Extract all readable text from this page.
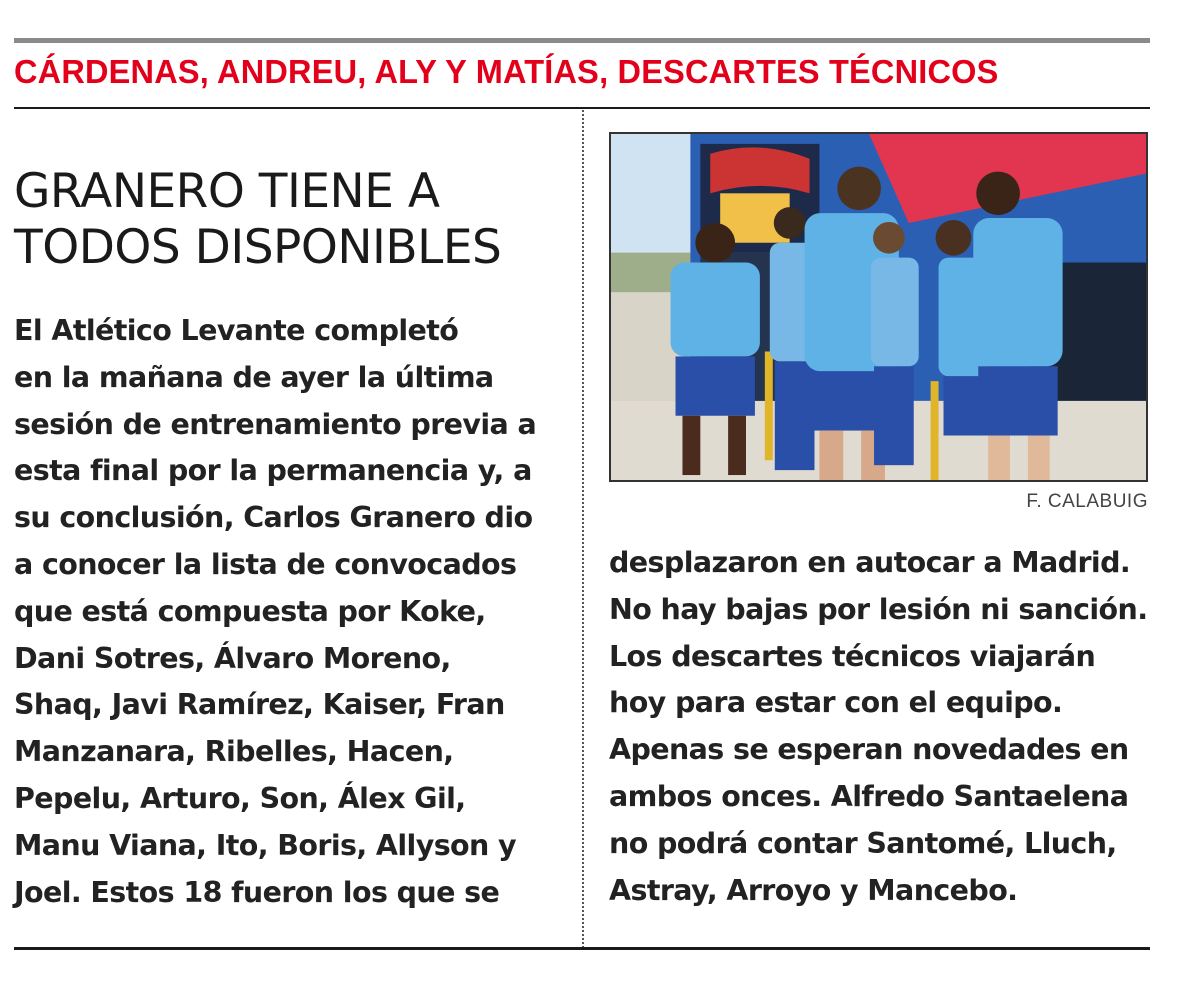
CÁRDENAS, ANDREU, ALY Y MATÍAS, DESCARTES TÉCNICOS
GRANERO TIENE A
TODOS DISPONIBLES
El Atlético Levante completó
en la mañana de ayer la última
sesión de entrenamiento previa a
esta final por la permanencia y, a
su conclusión, Carlos Granero dio
a conocer la lista de convocados
que está compuesta por Koke,
Dani Sotres, Álvaro Moreno,
Shaq, Javi Ramírez, Kaiser, Fran
Manzanara, Ribelles, Hacen,
Pepelu, Arturo, Son, Álex Gil,
Manu Viana, Ito, Boris, Allyson y
Joel. Estos 18 fueron los que se
F. CALABUIG
desplazaron en autocar a Madrid.
No hay bajas por lesión ni sanción.
Los descartes técnicos viajarán
hoy para estar con el equipo.
Apenas se esperan novedades en
ambos onces. Alfredo Santaelena
no podrá contar Santomé, Lluch,
Astray, Arroyo y Mancebo.
